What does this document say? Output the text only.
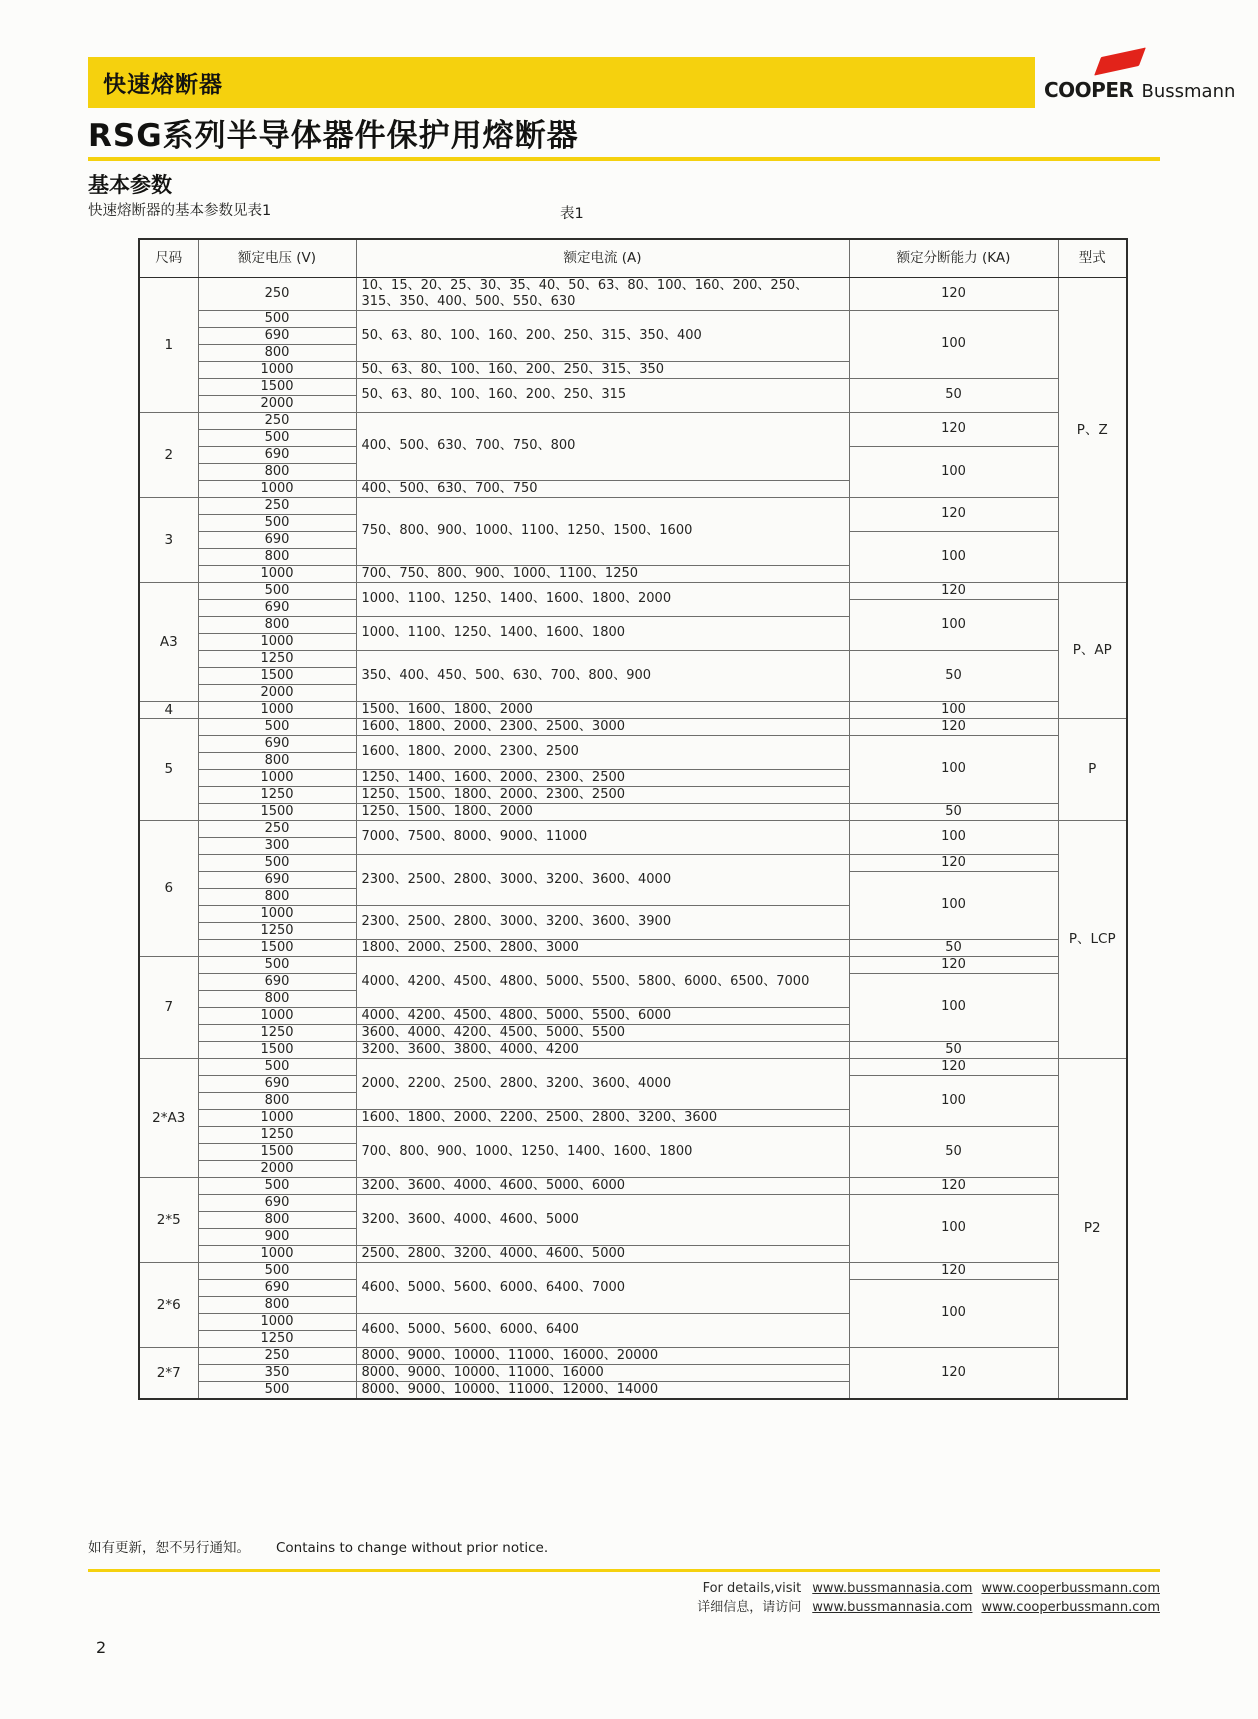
快速熔断器	COOPER Bussmann
RSG系列半导体器件保护用熔断器
基本参数
快速熔断器的基本参数见表1	表1
尺码	额定电压 (V)	额定电流 (A)	额定分断能力 (KA)	型式
1	250	10、15、20、25、30、35、40、50、63、80、100、160、200、250、315、350、400、500、550、630	120	P、Z
	500	50、63、80、100、160、200、250、315、350、400	100	
	690			
	800			
	1000	50、63、80、100、160、200、250、315、350		
	1500	50、63、80、100、160、200、250、315	50	
	2000			
2	250	400、500、630、700、750、800	120	
	500			
	690		100	
	800			
	1000	400、500、630、700、750		
3	250	750、800、900、1000、1100、1250、1500、1600	120	
	500			
	690		100	
	800			
	1000	700、750、800、900、1000、1100、1250		
A3	500	1000、1100、1250、1400、1600、1800、2000	120	P、AP
	690		100	
	800	1000、1100、1250、1400、1600、1800		
	1000			
	1250	350、400、450、500、630、700、800、900	50	
	1500			
	2000			
4	1000	1500、1600、1800、2000	100	
5	500	1600、1800、2000、2300、2500、3000	120	P
	690	1600、1800、2000、2300、2500	100	
	800			
	1000	1250、1400、1600、2000、2300、2500		
	1250	1250、1500、1800、2000、2300、2500		
	1500	1250、1500、1800、2000	50	
6	250	7000、7500、8000、9000、11000	100	P、LCP
	300			
	500	2300、2500、2800、3000、3200、3600、4000	120	
	690		100	
	800			
	1000	2300、2500、2800、3000、3200、3600、3900		
	1250			
	1500	1800、2000、2500、2800、3000	50	
7	500	4000、4200、4500、4800、5000、5500、5800、6000、6500、7000	120	
	690		100	
	800			
	1000	4000、4200、4500、4800、5000、5500、6000		
	1250	3600、4000、4200、4500、5000、5500		
	1500	3200、3600、3800、4000、4200	50	
2*A3	500	2000、2200、2500、2800、3200、3600、4000	120	P2
	690		100	
	800			
	1000	1600、1800、2000、2200、2500、2800、3200、3600		
	1250	700、800、900、1000、1250、1400、1600、1800	50	
	1500			
	2000			
2*5	500	3200、3600、4000、4600、5000、6000	120	
	690	3200、3600、4000、4600、5000	100	
	800			
	900			
	1000	2500、2800、3200、4000、4600、5000		
2*6	500	4600、5000、5600、6000、6400、7000	120	
	690		100	
	800			
	1000	4600、5000、5600、6000、6400		
	1250			
2*7	250	8000、9000、10000、11000、16000、20000	120	
	350	8000、9000、10000、11000、16000		
	500	8000、9000、10000、11000、12000、14000		
如有更新，恕不另行通知。 Contains to change without prior notice.
For details,visit www.bussmannasia.com www.cooperbussmann.com
详细信息，请访问 www.bussmannasia.com www.cooperbussmann.com
2
